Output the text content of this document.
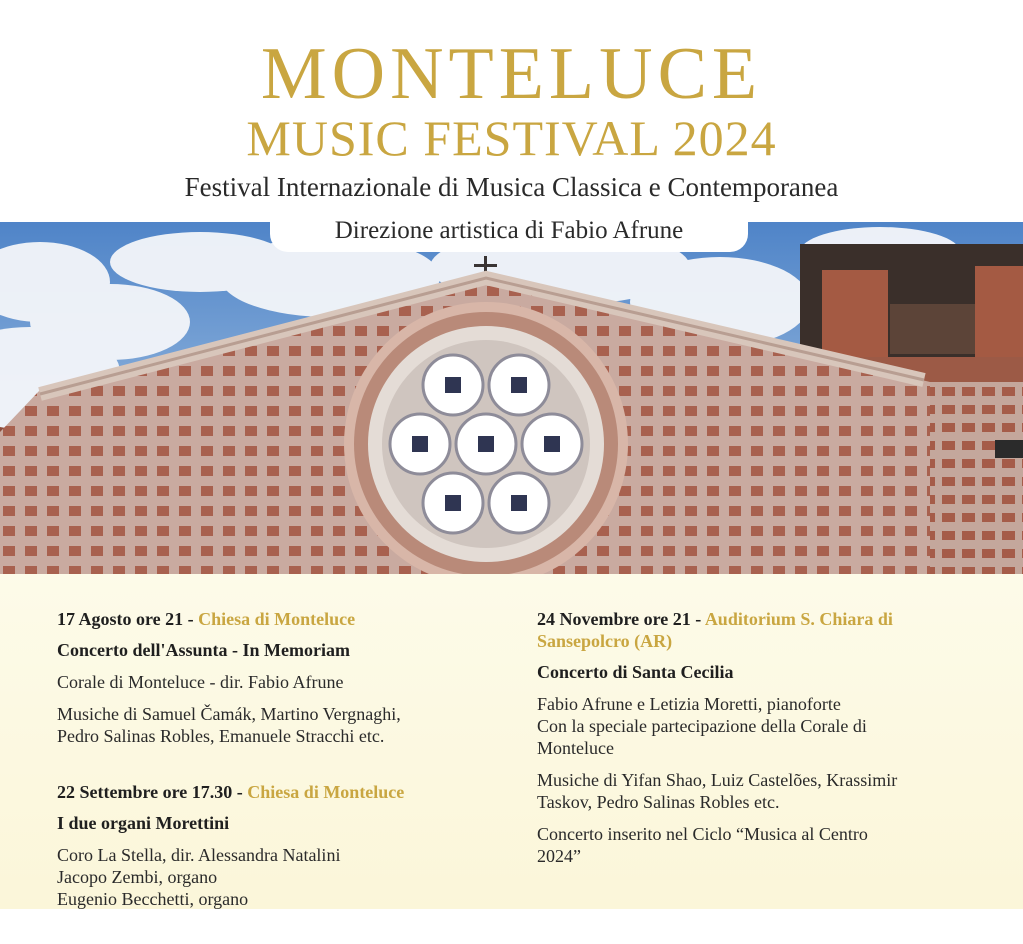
MONTELUCE
MUSIC FESTIVAL 2024
Festival Internazionale di Musica Classica e Contemporanea
Direzione artistica di Fabio Afrune
17 Agosto ore 21 - Chiesa di Monteluce
Concerto dell'Assunta - In Memoriam
Corale di Monteluce - dir. Fabio Afrune
Musiche di Samuel Čamák, Martino Vergnaghi,
Pedro Salinas Robles, Emanuele Stracchi etc.
22 Settembre ore 17.30 - Chiesa di Monteluce
I due organi Morettini
Coro La Stella, dir. Alessandra Natalini
Jacopo Zembi, organo
Eugenio Becchetti, organo
24 Novembre ore 21 - Auditorium S. Chiara di Sansepolcro (AR)
Concerto di Santa Cecilia
Fabio Afrune e Letizia Moretti, pianoforte
Con la speciale partecipazione della Corale di
Monteluce
Musiche di Yifan Shao, Luiz Castelões, Krassimir
Taskov, Pedro Salinas Robles etc.
Concerto inserito nel Ciclo “Musica al Centro
2024”
